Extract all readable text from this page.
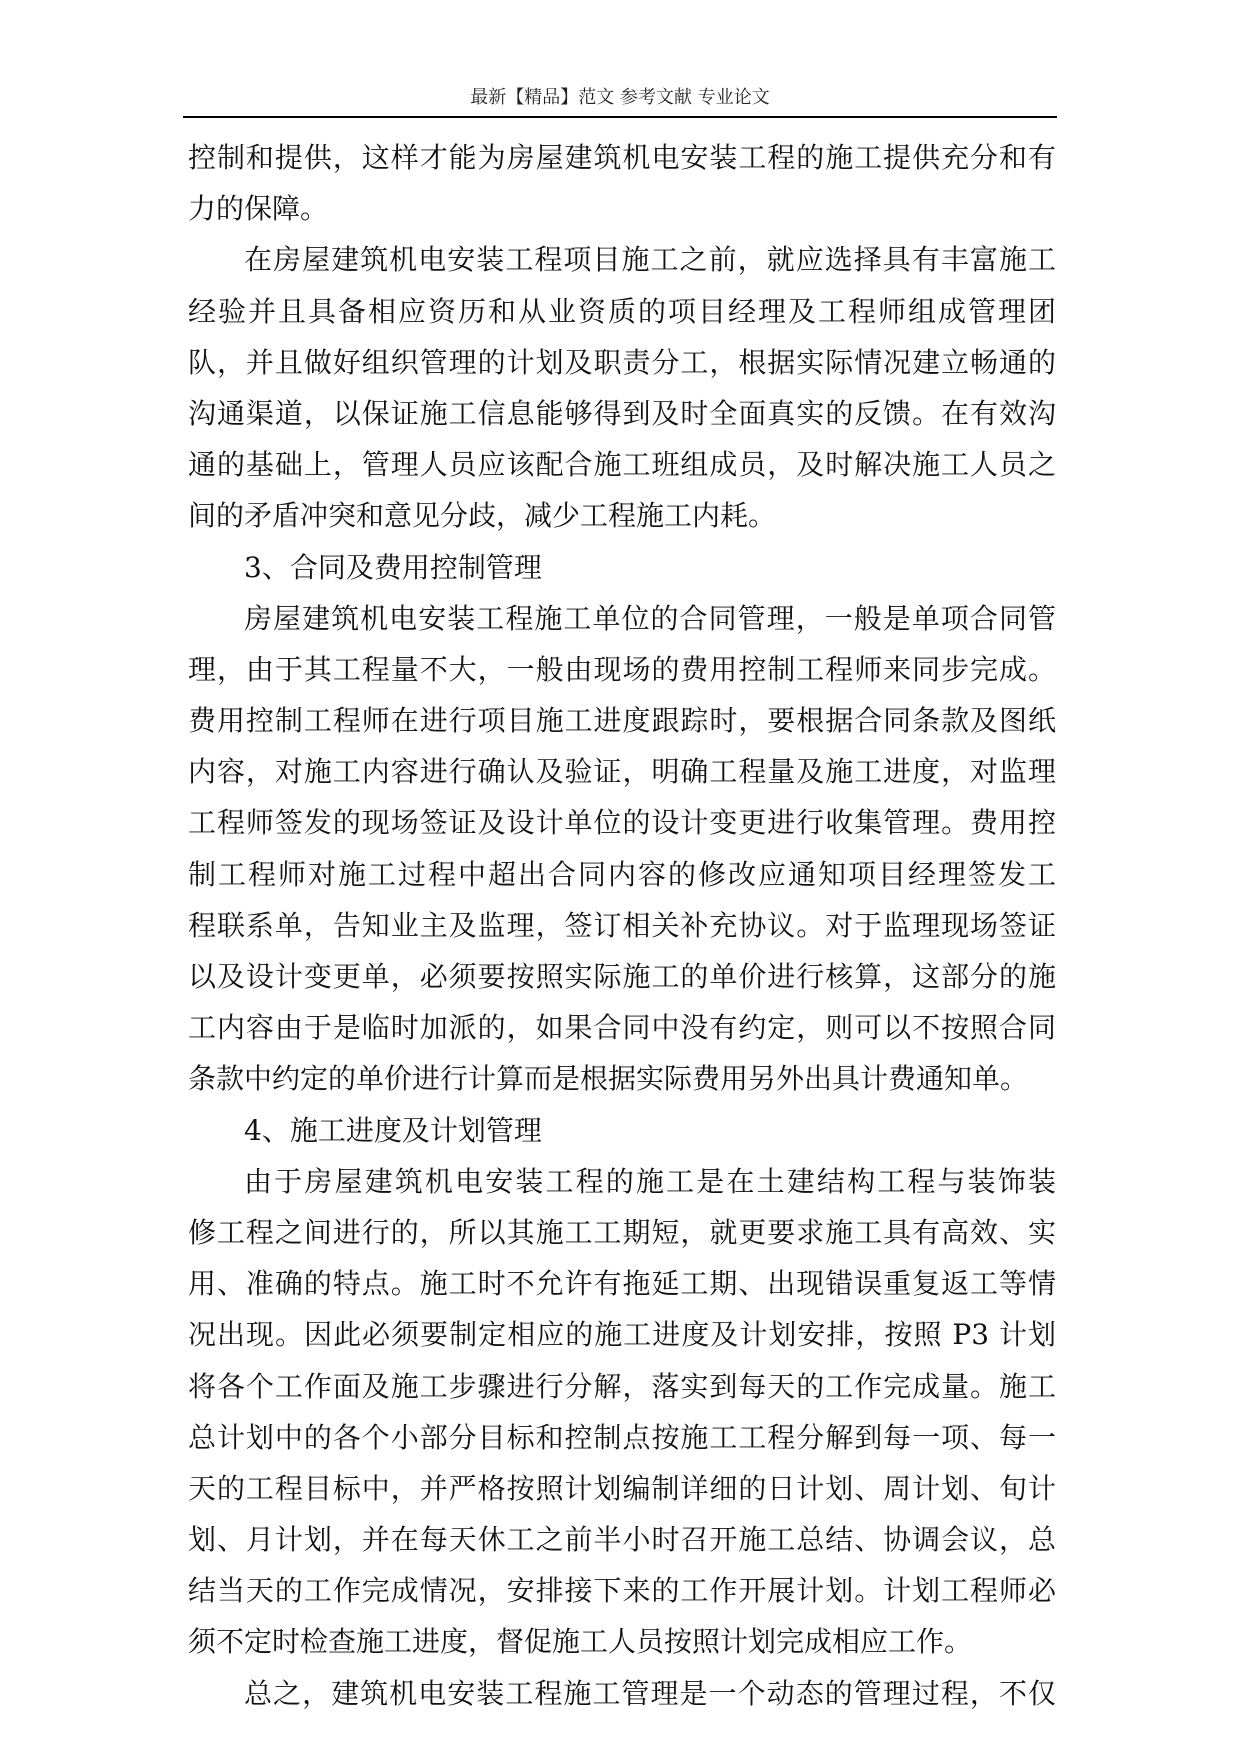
最新【精品】范文 参考文献 专业论文
控制和提供，这样才能为房屋建筑机电安装工程的施工提供充分和有
力的保障。
在房屋建筑机电安装工程项目施工之前，就应选择具有丰富施工
经验并且具备相应资历和从业资质的项目经理及工程师组成管理团
队，并且做好组织管理的计划及职责分工，根据实际情况建立畅通的
沟通渠道，以保证施工信息能够得到及时全面真实的反馈。在有效沟
通的基础上，管理人员应该配合施工班组成员，及时解决施工人员之
间的矛盾冲突和意见分歧，减少工程施工内耗。
3、合同及费用控制管理
房屋建筑机电安装工程施工单位的合同管理，一般是单项合同管
理，由于其工程量不大，一般由现场的费用控制工程师来同步完成。
费用控制工程师在进行项目施工进度跟踪时，要根据合同条款及图纸
内容，对施工内容进行确认及验证，明确工程量及施工进度，对监理
工程师签发的现场签证及设计单位的设计变更进行收集管理。费用控
制工程师对施工过程中超出合同内容的修改应通知项目经理签发工
程联系单，告知业主及监理，签订相关补充协议。对于监理现场签证
以及设计变更单，必须要按照实际施工的单价进行核算，这部分的施
工内容由于是临时加派的，如果合同中没有约定，则可以不按照合同
条款中约定的单价进行计算而是根据实际费用另外出具计费通知单。
4、施工进度及计划管理
由于房屋建筑机电安装工程的施工是在土建结构工程与装饰装
修工程之间进行的，所以其施工工期短，就更要求施工具有高效、实
用、准确的特点。施工时不允许有拖延工期、出现错误重复返工等情
况出现。因此必须要制定相应的施工进度及计划安排，按照 P3 计划
将各个工作面及施工步骤进行分解，落实到每天的工作完成量。施工
总计划中的各个小部分目标和控制点按施工工程分解到每一项、每一
天的工程目标中，并严格按照计划编制详细的日计划、周计划、旬计
划、月计划，并在每天休工之前半小时召开施工总结、协调会议，总
结当天的工作完成情况，安排接下来的工作开展计划。计划工程师必
须不定时检查施工进度，督促施工人员按照计划完成相应工作。
总之，建筑机电安装工程施工管理是一个动态的管理过程，不仅
